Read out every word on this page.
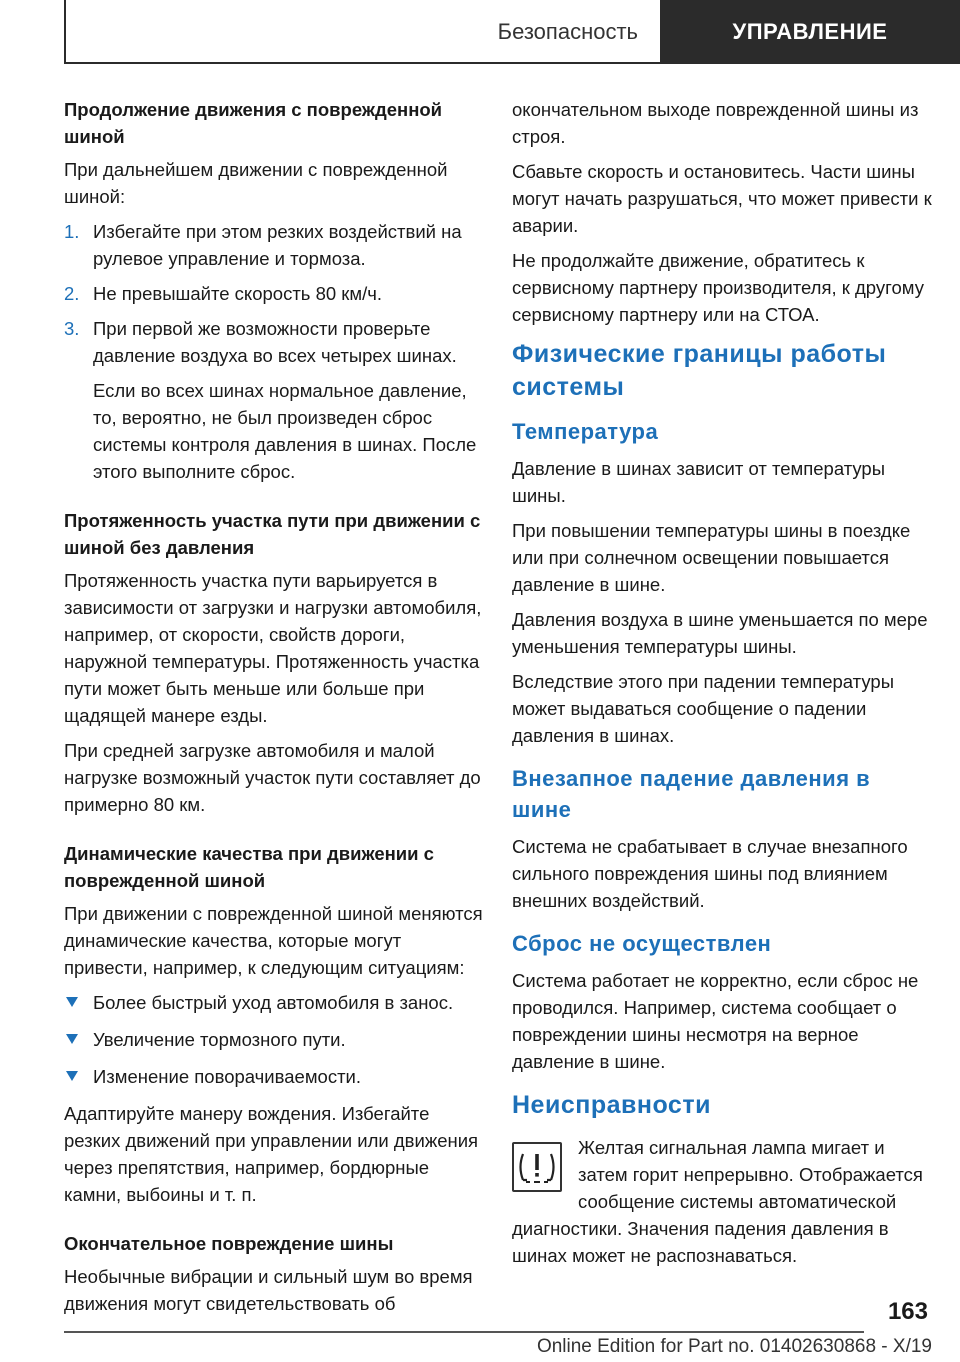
Безопасность	УПРАВЛЕНИЕ
Продолжение движения с поврежденной шиной

При дальнейшем движении с поврежденной шиной:

1. Избегайте при этом резких воздействий на рулевое управление и тормоза.
2. Не превышайте скорость 80 км/ч.
3. При первой же возможности проверьте давление воздуха во всех четырех шинах.
Если во всех шинах нормальное давление, то, вероятно, не был произведен сброс системы контроля давления в шинах. После этого выполните сброс.
Протяженность участка пути при движении с шиной без давления

Протяженность участка пути варьируется в зависимости от загрузки и нагрузки автомобиля, например, от скорости, свойств дороги, наружной температуры. Протяженность участка пути может быть меньше или больше при щадящей манере езды.

При средней загрузке автомобиля и малой нагрузке возможный участок пути составляет до примерно 80 км.

Динамические качества при движении с поврежденной шиной

При движении с поврежденной шиной меняются динамические качества, которые могут привести, например, к следующим ситуациям:

Более быстрый уход автомобиля в занос.
Увеличение тормозного пути.
Изменение поворачиваемости.

Адаптируйте манеру вождения. Избегайте резких движений при управлении или движения через препятствия, например, бордюрные камни, выбоины и т. п.

Окончательное повреждение шины

Необычные вибрации и сильный шум во время движения могут свидетельствовать об

окончательном выходе поврежденной шины из строя.

Сбавьте скорость и остановитесь. Части шины могут начать разрушаться, что может привести к аварии.

Не продолжайте движение, обратитесь к сервисному партнеру производителя, к другому сервисному партнеру или на СТОА.

Физические границы работы системы
Температура

Давление в шинах зависит от температуры шины.

При повышении температуры шины в поездке или при солнечном освещении повышается давление в шине.

Давления воздуха в шине уменьшается по мере уменьшения температуры шины.

Вследствие этого при падении температуры может выдаваться сообщение о падении давления в шинах.

Внезапное падение давления в шине

Система не срабатывает в случае внезапного сильного повреждения шины под влиянием внешних воздействий.

Сброс не осуществлен

Система работает не корректно, если сброс не проводился. Например, система сообщает о повреждении шины несмотря на верное давление в шине.

Неисправности

Желтая сигнальная лампа мигает и затем горит непрерывно. Отображается сообщение системы автоматической диагностики. Значения падения давления в шинах может не распознаваться.

163
Online Edition for Part no. 01402630868 - X/19
